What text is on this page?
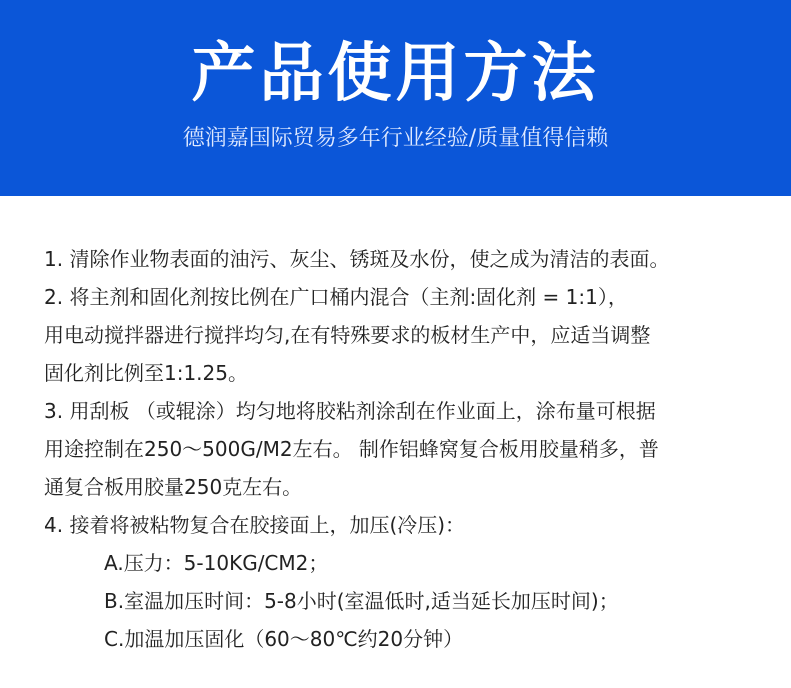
产品使用方法
德润嘉国际贸易多年行业经验/质量值得信赖
1. 清除作业物表面的油污、灰尘、锈斑及水份，使之成为清洁的表面。
2. 将主剂和固化剂按比例在广口桶内混合（主剂:固化剂 = 1:1），
用电动搅拌器进行搅拌均匀,在有特殊要求的板材生产中，应适当调整
固化剂比例至1:1.25。
3. 用刮板 （或辊涂）均匀地将胶粘剂涂刮在作业面上，涂布量可根据
用途控制在250～500G/M2左右。 制作铝蜂窝复合板用胶量稍多，普
通复合板用胶量250克左右。
4. 接着将被粘物复合在胶接面上，加压(冷压)：
A.压力：5-10KG/CM2；
B.室温加压时间：5-8小时(室温低时,适当延长加压时间)；
C.加温加压固化（60～80℃约20分钟）
